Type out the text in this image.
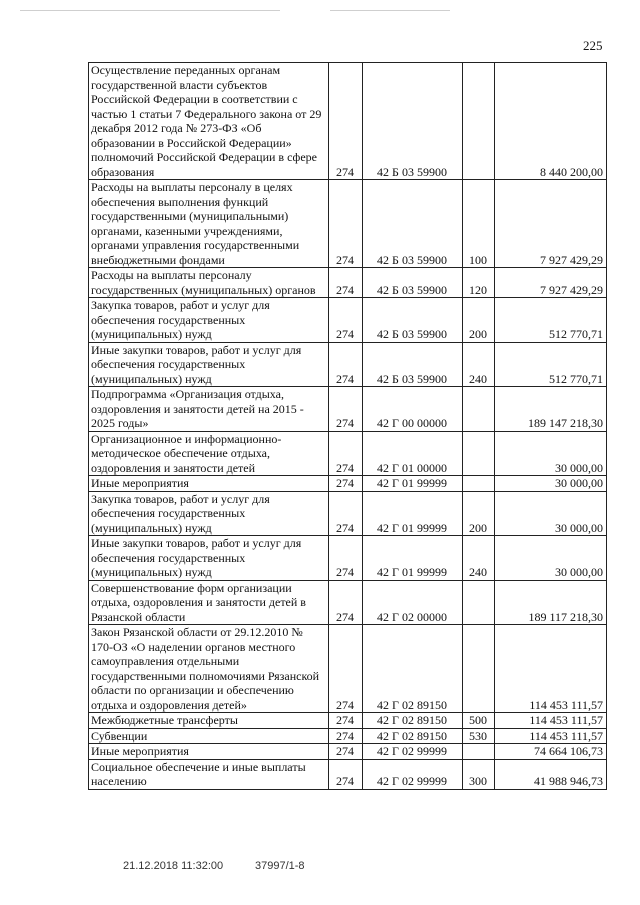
225
Осуществление переданных органам государственной власти субъектов Российской Федерации в соответствии с частью 1 статьи 7 Федерального закона от 29 декабря 2012 года № 273-ФЗ «Об образовании в Российской Федерации» полномочий Российской Федерации в сфере образования	274	42 Б 03 59900		8 440 200,00
Расходы на выплаты персоналу в целях обеспечения выполнения функций государственными (муниципальными) органами, казенными учреждениями, органами управления государственными внебюджетными фондами	274	42 Б 03 59900	100	7 927 429,29
Расходы на выплаты персоналу государственных (муниципальных) органов	274	42 Б 03 59900	120	7 927 429,29
Закупка товаров, работ и услуг для обеспечения государственных (муниципальных) нужд	274	42 Б 03 59900	200	512 770,71
Иные закупки товаров, работ и услуг для обеспечения государственных (муниципальных) нужд	274	42 Б 03 59900	240	512 770,71
Подпрограмма «Организация отдыха, оздоровления и занятости детей на 2015 - 2025 годы»	274	42 Г 00 00000		189 147 218,30
Организационное и информационно-методическое обеспечение отдыха, оздоровления и занятости детей	274	42 Г 01 00000		30 000,00
Иные мероприятия	274	42 Г 01 99999		30 000,00
Закупка товаров, работ и услуг для обеспечения государственных (муниципальных) нужд	274	42 Г 01 99999	200	30 000,00
Иные закупки товаров, работ и услуг для обеспечения государственных (муниципальных) нужд	274	42 Г 01 99999	240	30 000,00
Совершенствование форм организации отдыха, оздоровления и занятости детей в Рязанской области	274	42 Г 02 00000		189 117 218,30
Закон Рязанской области от 29.12.2010 № 170-ОЗ «О наделении органов местного самоуправления отдельными государственными полномочиями Рязанской области по организации и обеспечению отдыха и оздоровления детей»	274	42 Г 02 89150		114 453 111,57
Межбюджетные трансферты	274	42 Г 02 89150	500	114 453 111,57
Субвенции	274	42 Г 02 89150	530	114 453 111,57
Иные мероприятия	274	42 Г 02 99999		74 664 106,73
Социальное обеспечение и иные выплаты населению	274	42 Г 02 99999	300	41 988 946,73
21.12.2018 11:32:00	37997/1-8
